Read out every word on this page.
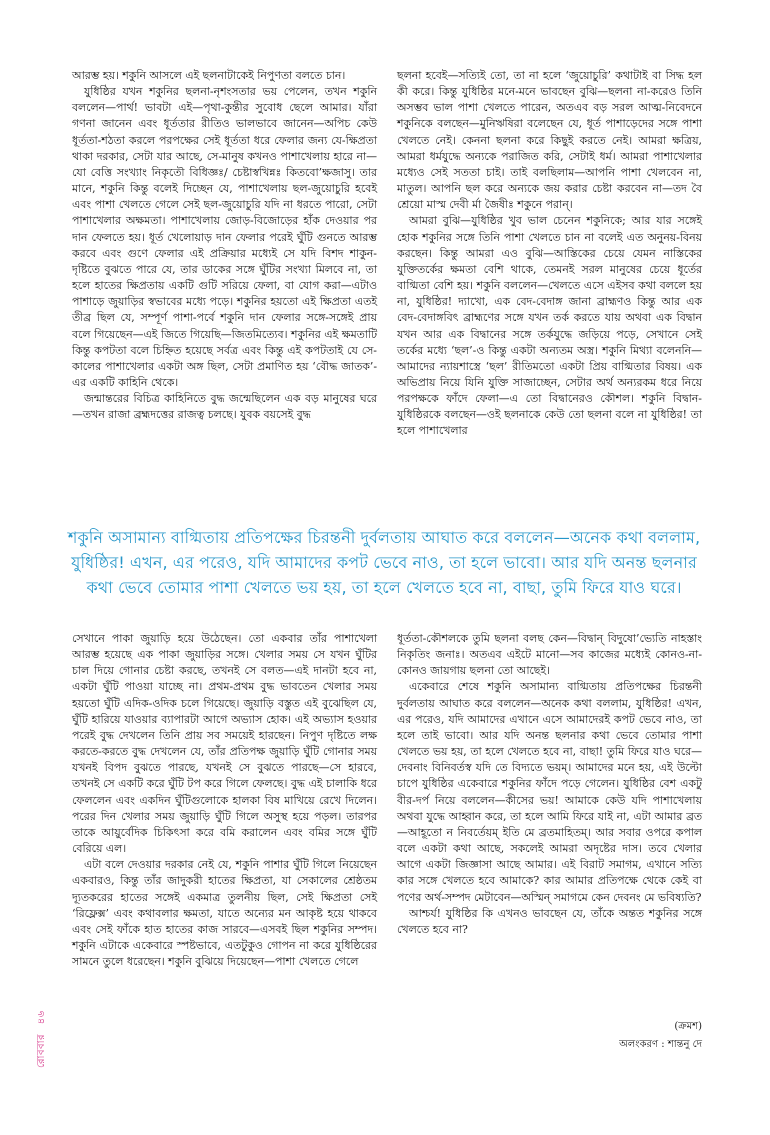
আরম্ভ হয়। শকুনি আসলে এই ছলনাটাকেই নিপুণতা বলতে চান।

যুধিষ্ঠির যখন শকুনির ছলনা-নৃশংসতার ভয় পেলেন, তখন শকুনি বললেন—পার্থ! ভাবটা এই—পৃথা-কুন্তীর সুবোধ ছেলে আমার। যাঁরা গণনা জানেন এবং ধূর্ততার রীতিও ভালভাবে জানেন—অপিচ কেউ ধূর্ততা-শঠতা করলে পরপক্ষের সেই ধূর্ততা ধরে ফেলার জন্য যে-ক্ষিপ্রতা থাকা দরকার, সেটা যার আছে, সে-মানুষ কখনও পাশাখেলায় হারে না—যো বেত্তি সংখ্যাং নিকৃতৌ বিধিজ্ঞঃ/ চেষ্টাস্বখিন্নঃ কিতবো’ক্ষজাসু। তার মানে, শকুনি কিন্তু বলেই দিচ্ছেন যে, পাশাখেলায় ছল-জুয়োচুরি হবেই এবং পাশা খেলতে গেলে সেই ছল-জুয়োচুরি যদি না ধরতে পারো, সেটা পাশাখেলার অক্ষমতা। পাশাখেলায় জোড়-বিজোড়ের হাঁক দেওয়ার পর দান ফেলতে হয়। ধূর্ত খেলোয়াড় দান ফেলার পরেই ঘুঁটি গুনতে আরম্ভ করবে এবং গুণে ফেলার এই প্রক্রিয়ার মধ্যেই সে যদি বিশদ শাকুন-দৃষ্টিতে বুঝতে পারে যে, তার ডাকের সঙ্গে ঘুঁটির সংখ্যা মিলবে না, তা হলে হাতের ক্ষিপ্রতায় একটি গুটি সরিয়ে ফেলা, বা যোগ করা—এটাও পাশাড়ে জুয়াড়ির স্বভাবের মধ্যে পড়ে। শকুনির হয়তো এই ক্ষিপ্রতা এতই তীব্র ছিল যে, সম্পূর্ণ পাশা-পর্বে শকুনি দান ফেলার সঙ্গে-সঙ্গেই প্রায় বলে গিয়েছেন—এই জিতে গিয়েছি—জিতমিত্যেব। শকুনির এই ক্ষমতাটি কিন্তু কপটতা বলে চিহ্নিত হয়েছে সর্বত্র এবং কিন্তু এই কপটতাই যে সে-কালের পাশাখেলার একটা অঙ্গ ছিল, সেটা প্রমাণিত হয় ‘বৌদ্ধ জাতক’-এর একটি কাহিনি থেকে।

জন্মান্তরের বিচিত্র কাহিনিতে বুদ্ধ জন্মেছিলেন এক বড় মানুষের ঘরে—তখন রাজা ব্রহ্মদত্তের রাজত্ব চলছে। যুবক বয়সেই বুদ্ধ

ছলনা হবেই—সত্যিই তো, তা না হলে ‘জুয়োচুরি’ কথাটাই বা সিদ্ধ হল কী করে। কিন্তু যুধিষ্ঠির মনে-মনে ভাবছেন বুঝি—ছলনা না-করেও তিনি অসম্ভব ভাল পাশা খেলতে পারেন, অতএব বড় সরল আত্ম-নিবেদনে শকুনিকে বলছেন—মুনিঋষিরা বলেছেন যে, ধূর্ত পাশাড়েদের সঙ্গে পাশা খেলতে নেই। কেননা ছলনা করে কিছুই করতে নেই। আমরা ক্ষত্রিয়, আমরা ধর্মযুদ্ধে অন্যকে পরাজিত করি, সেটাই ধর্ম। আমরা পাশাখেলার মধ্যেও সেই সততা চাই। তাই বলছিলাম—আপনি পাশা খেলবেন না, মাতুল। আপনি ছল করে অন্যকে জয় করার চেষ্টা করবেন না—তদ বৈ শ্রেয়ো মাস্ম দেবী র্মা জৈষীঃ শকুনে পরান্।

আমরা বুঝি—যুধিষ্ঠির খুব ভাল চেনেন শকুনিকে; আর যার সঙ্গেই হোক শকুনির সঙ্গে তিনি পাশা খেলতে চান না বলেই এত অনুনয়-বিনয় করছেন। কিন্তু আমরা এও বুঝি—আস্তিকের চেয়ে যেমন নাস্তিকের যুক্তিতর্কের ক্ষমতা বেশি থাকে, তেমনই সরল মানুষের চেয়ে ধূর্তের বাগ্মিতা বেশি হয়। শকুনি বললেন—খেলতে এসে এইসব কথা বললে হয় না, যুধিষ্ঠির! দ্যাখো, এক বেদ-বেদাঙ্গ জানা ব্রাহ্মণও কিন্তু আর এক বেদ-বেদাঙ্গবিৎ ব্রাহ্মণের সঙ্গে যখন তর্ক করতে যায় অথবা এক বিদ্বান যখন আর এক বিদ্বানের সঙ্গে তর্কযুদ্ধে জড়িয়ে পড়ে, সেখানে সেই তর্কের মধ্যে ‘ছল’-ও কিন্তু একটা অন্যতম অস্ত্র। শকুনি মিথ্যা বলেননি—আমাদের ন্যায়শাস্ত্রে ‘ছল’ রীতিমতো একটা প্রিয় বাগ্মিতার বিষয়। এক অভিপ্রায় নিয়ে যিনি যুক্তি সাজাচ্ছেন, সেটার অর্থ অন্যরকম ধরে নিয়ে পরপক্ষকে ফাঁদে ফেলা—এ তো বিদ্বানেরও কৌশল। শকুনি বিদ্বান-যুধিষ্ঠিরকে বলছেন—ওই ছলনাকে কেউ তো ছলনা বলে না যুধিষ্ঠির! তা হলে পাশাখেলার

শকুনি অসামান্য বাগ্মিতায় প্রতিপক্ষের চিরন্তনী দুর্বলতায় আঘাত করে বললেন—অনেক কথা বললাম, যুধিষ্ঠির! এখন, এর পরেও, যদি আমাদের কপট ভেবে নাও, তা হলে ভাবো। আর যদি অনন্ত ছলনার কথা ভেবে তোমার পাশা খেলতে ভয় হয়, তা হলে খেলতে হবে না, বাছা, তুমি ফিরে যাও ঘরে।

সেখানে পাকা জুয়াড়ি হয়ে উঠেছেন। তো একবার তাঁর পাশাখেলা আরম্ভ হয়েছে এক পাকা জুয়াড়ির সঙ্গে। খেলার সময় সে যখন ঘুঁটির চাল দিয়ে গোনার চেষ্টা করছে, তখনই সে বলত—এই দানটা হবে না, একটা ঘুঁটি পাওয়া যাচ্ছে না। প্রথম-প্রথম বুদ্ধ ভাবতেন খেলার সময় হয়তো ঘুঁটি এদিক-ওদিক চলে গিয়েছে। জুয়াড়ি বস্তুত এই বুঝেছিল যে, ঘুঁটি হারিয়ে যাওয়ার ব্যাপারটা আগে অভ্যাস হোক। এই অভ্যাস হওয়ার পরেই বুদ্ধ দেখলেন তিনি প্রায় সব সময়েই হারছেন। নিপুণ দৃষ্টিতে লক্ষ করতে-করতে বুদ্ধ দেখলেন যে, তাঁর প্রতিপক্ষ জুয়াড়ি ঘুঁটি গোনার সময় যখনই বিপদ বুঝতে পারছে, যখনই সে বুঝতে পারছে—সে হারবে, তখনই সে একটি করে ঘুঁটি টপ করে গিলে ফেলছে। বুদ্ধ এই চালাকি ধরে ফেললেন এবং একদিন ঘুঁটিগুলোকে হালকা বিষ মাখিয়ে রেখে দিলেন। পরের দিন খেলার সময় জুয়াড়ি ঘুঁটি গিলে অসুস্থ হয়ে পড়ল। তারপর তাকে আয়ুর্বেদিক চিকিৎসা করে বমি করালেন এবং বমির সঙ্গে ঘুঁটি বেরিয়ে এল।

এটা বলে দেওয়ার দরকার নেই যে, শকুনি পাশার ঘুঁটি গিলে নিয়েছেন একবারও, কিন্তু তাঁর জাদুকরী হাতের ক্ষিপ্রতা, যা সেকালের শ্রেষ্ঠতম দ্যূতকরের হাতের সঙ্গেই একমাত্র তুলনীয় ছিল, সেই ক্ষিপ্রতা সেই ‘রিফ্লেক্স’ এবং কথাবলার ক্ষমতা, যাতে অন্যের মন আকৃষ্ট হয়ে থাকবে এবং সেই ফাঁকে হাত হাতের কাজ সারবে—এসবই ছিল শকুনির সম্পদ। শকুনি এটাকে একেবারে স্পষ্টভাবে, এতটুকুও গোপন না করে যুধিষ্ঠিরের সামনে তুলে ধরেছেন। শকুনি বুঝিয়ে দিয়েছেন—পাশা খেলতে গেলে

ধূর্ততা-কৌশলকে তুমি ছলনা বলছ কেন—বিদ্বান্ বিদুষো’ভ্যেতি নাহস্তাং নিকৃতিং জনাঃ। অতএব এইটে মানো—সব কাজের মধ্যেই কোনও-না-কোনও জায়গায় ছলনা তো আছেই।

একেবারে শেষে শকুনি অসামান্য বাগ্মিতায় প্রতিপক্ষের চিরন্তনী দুর্বলতায় আঘাত করে বললেন—অনেক কথা বললাম, যুধিষ্ঠির! এখন, এর পরেও, যদি আমাদের এখানে এসে আমাদেরই কপট ভেবে নাও, তা হলে তাই ভাবো। আর যদি অনন্ত ছলনার কথা ভেবে তোমার পাশা খেলতে ভয় হয়, তা হলে খেলতে হবে না, বাছা! তুমি ফিরে যাও ঘরে—দেবনাং বিনিবর্তস্ব যদি তে বিদ্যতে ভয়ম্। আমাদের মনে হয়, এই উল্টো চাপে যুধিষ্ঠির একেবারে শকুনির ফাঁদে পড়ে গেলেন। যুধিষ্ঠির বেশ একটু বীর-দর্প নিয়ে বললেন—কীসের ভয়! আমাকে কেউ যদি পাশাখেলায় অথবা যুদ্ধে আহ্বান করে, তা হলে আমি ফিরে যাই না, এটা আমার ব্রত—আহূতো ন নিবর্তেয়ম্ ইতি মে ব্রতমাহিতম্। আর সবার ওপরে কপাল বলে একটা কথা আছে, সকলেই আমরা অদৃষ্টের দাস। তবে খেলার আগে একটা জিজ্ঞাসা আছে আমার। এই বিরাট সমাগম, এখানে সত্যি কার সঙ্গে খেলতে হবে আমাকে? কার আমার প্রতিপক্ষে থেকে কেই বা পণের অর্থ-সম্পদ মেটাবেন—অস্মিন্ সমাগমে কেন দেবনং মে ভবিষ্যতি?

আশ্চর্য! যুধিষ্ঠির কি এখনও ভাবছেন যে, তাঁকে অন্তত শকুনির সঙ্গে খেলতে হবে না?

(ক্রমশ)
অলংকরণ : শান্তনু দে
রোববার ৪৬
